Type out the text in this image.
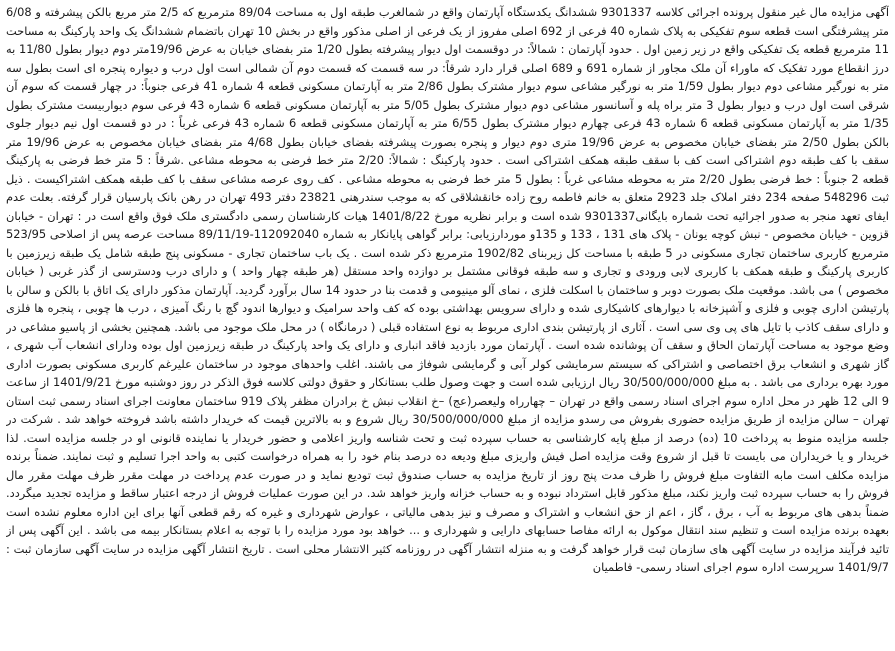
آگهی مزایده مال غیر منقول پرونده اجرائی کلاسه 9301337 ششدانگ یکدستگاه آپارتمان واقع در شمالغرب طبقه اول به مساحت 89/04 مترمربع که 2/5 متر مربع بالکن پیشرفته و 6/08 متر پیشرفتگی است قطعه سوم تفکیکی به پلاک شماره 40 فرعی از 692 اصلی مفروز از یک فرعی از اصلی مذکور واقع در بخش 10 تهران باتضمام ششدانگ یک واحد پارکینگ به مساحت 11 مترمربع قطعه یک تفکیکی واقع در زیر زمین اول . حدود آپارتمان : شمالاً: در دوقسمت اول دیوار پیشرفته بطول 1/20 متر بفضای خیابان به عرض 19/96متر دوم دیوار بطول 11/80 به درز انقطاع مورد تفکیک که ماوراء آن ملک مجاور از شماره 691 و 689 اصلی قرار دارد شرقاً: در سه قسمت که قسمت دوم آن شمالی است اول درب و دیواره پنجره ای است بطول سه متر به نورگیر مشاعی دوم دیوار بطول 1/59 متر به نورگیر مشاعی سوم دیوار مشترک بطول 2/86 متر به آپارتمان مسکونی قطعه 4 شماره 41 فرعی جنوباً: در چهار قسمت که سوم آن شرقی است اول درب و دیوار بطول 3 متر براه پله و آسانسور مشاعی دوم دیوار مشترک بطول 5/05 متر به آپارتمان مسکونی قطعه 6 شماره 43 فرعی سوم دیواربیست مشترک بطول 1/35 متر به آپارتمان مسکونی قطعه 6 شماره 43 فرعی چهارم دیوار مشترک بطول 6/55 متر به آپارتمان مسکونی قطعه 6 شماره 43 فرعی غرباً : در دو قسمت اول نیم دیوار جلوی بالکن بطول 2/50 متر بفضای خیابان مخصوص به عرض 19/96 متری دوم دیوار و پنجره بصورت پیشرفته بفضای خیابان بطول 4/68 متر بفضای خیابان مخصوص به عرض 19/96 متر سقف با کف طبقه دوم اشتراکی است کف با سقف طبقه همکف اشتراکی است . حدود پارکینگ : شمالاً: 2/20 متر خط فرضی به محوطه مشاعی .شرقاً : 5 متر خط فرضی به پارکینگ قطعه 2 جنوباً : خط فرضی بطول 2/20 متر به محوطه مشاعی غرباً : بطول 5 متر خط فرضی به محوطه مشاعی . کف روی عرصه مشاعی سقف با کف طبقه همکف اشتراکیست . ذیل ثبت 548296 صفحه 234 دفتر املاک جلد 2923 متعلق به خانم فاطمه روح زاده خانقشلاقی که به موجب سندرهنی 23821 دفتر 493 تهران در رهن بانک پارسیان قرار گرفته. بعلت عدم ایفای تعهد منجر به صدور اجرائیه تحت شماره بایگانی9301337 شده است و برابر نظریه مورخ 1401/8/22 هیات کارشناسان رسمی دادگستری ملک فوق واقع است در : تهران - خیابان قزوین - خیابان مخصوص - نبش کوچه یونان - پلاک های 131 ، 133 و 135و موردارزیابی: برابر گواهی پایانکار به شماره 112092040-89/11/19 مساحت عرصه پس از اصلاحی 523/95 مترمربع کاربری ساختمان تجاری مسکونی در 5 طبقه با مساحت کل زیربنای 1902/82 مترمربع ذکر شده است . یک باب ساختمان تجاری - مسکونی پنج طبقه شامل یک طبقه زیرزمین با کاربری پارکینگ و طبقه همکف با کاربری لابی ورودی و تجاری و سه طبقه فوقانی مشتمل بر دوازده واحد مستقل (هر طبقه چهار واحد ) و دارای درب ودسترسی از گذر غربی ( خیابان مخصوص ) می باشد. موقعیت ملک بصورت دوبر و ساختمان با اسکلت فلزی ، نمای آلو مینیومی و قدمت بنا در حدود 14 سال برآورد گردید. آپارتمان مذکور دارای یک اتاق با بالکن و سالن با پارتیشن اداری چوبی و فلزی و آشپزخانه با دیوارهای کاشیکاری شده و دارای سرویس بهداشتی بوده که کف واحد سرامیک و دیوارها اندود گچ با رنگ آمیزی ، درب ها چوبی ، پنجره ها فلزی و دارای سقف کاذب با تایل های پی وی سی است . آثاری از پارتیشن بندی اداری مربوط به نوع استفاده قبلی ( درمانگاه ) در محل ملک موجود می باشد. همچنین بخشی از پاسیو مشاعی در وضع موجود به مساحت آپارتمان الحاق و سقف آن پوشانده شده است . آپارتمان مورد بازدید فاقد انباری و دارای یک واحد پارکینگ در طبقه زیرزمین اول بوده ودارای انشعاب آب شهری ، گاز شهری و انشعاب برق اختصاصی و اشتراکی که سیستم سرمایشی کولر آبی و گرمایشی شوفاژ می باشند. اغلب واحدهای موجود در ساختمان علیرغم کاربری مسکونی بصورت اداری مورد بهره برداری می باشد . به مبلغ 30/500/000/000 ریال ارزیابی شده است و جهت وصول طلب بستانکار و حقوق دولتی کلاسه فوق الذکر در روز دوشنبه مورخ 1401/9/21 از ساعت 9 الی 12 ظهر در محل اداره سوم اجرای اسناد رسمی واقع در تهران – چهارراه ولیعصر(عج) –خ انقلاب نبش خ برادران مظفر پلاک 919 ساختمان معاونت اجرای اسناد رسمی ثبت استان تهران – سالن مزایده از طریق مزایده حضوری بفروش می رسدو مزایده از مبلغ 30/500/000/000 ریال شروع و به بالاترین قیمت که خریدار داشته باشد فروخته خواهد شد . شرکت در جلسه مزایده منوط به پرداخت 10 (ده) درصد از مبلغ پایه کارشناسی به حساب سپرده ثبت و تحت شناسه واریز اعلامی و حضور خریدار یا نماینده قانونی او در جلسه مزایده است. لذا خریدار و یا خریداران می بایست تا قبل از شروع وقت مزایده اصل فیش واریزی مبلغ ودیعه ده درصد بنام خود را به همراه درخواست کتبی به واحد اجرا تسلیم و ثبت نمایند. ضمناً برنده مزایده مکلف است مابه التفاوت مبلغ فروش را ظرف مدت پنج روز از تاریخ مزایده به حساب صندوق ثبت تودیع نماید و در صورت عدم پرداخت در مهلت مقرر ظرف مهلت مقرر مال فروش را به حساب سپرده ثبت واریز نکند، مبلغ مذکور قابل استرداد نبوده و به حساب خزانه واریز خواهد شد. در این صورت عملیات فروش از درجه اعتبار ساقط و مزایده تجدید میگردد. ضمناً بدهی های مربوط به آب ، برق ، گاز ، اعم از حق انشعاب و اشتراک و مصرف و نیز بدهی مالیاتی ، عوارض شهرداری و غیره که رقم قطعی آنها برای این اداره معلوم نشده است بعهده برنده مزایده است و تنظیم سند انتقال موکول به ارائه مفاصا حسابهای دارایی و شهرداری و ... خواهد بود مورد مزایده را با توجه به اعلام بستانکار بیمه می باشد . این آگهی پس از تائید فرآیند مزایده در سایت آگهی های سازمان ثبت قرار خواهد گرفت و به منزله انتشار آگهی در روزنامه کثیر الانتشار محلی است . تاریخ انتشار آگهی مزایده در سایت آگهی سازمان ثبت : 1401/9/7 سرپرست اداره سوم اجرای اسناد رسمی- فاطمیان
